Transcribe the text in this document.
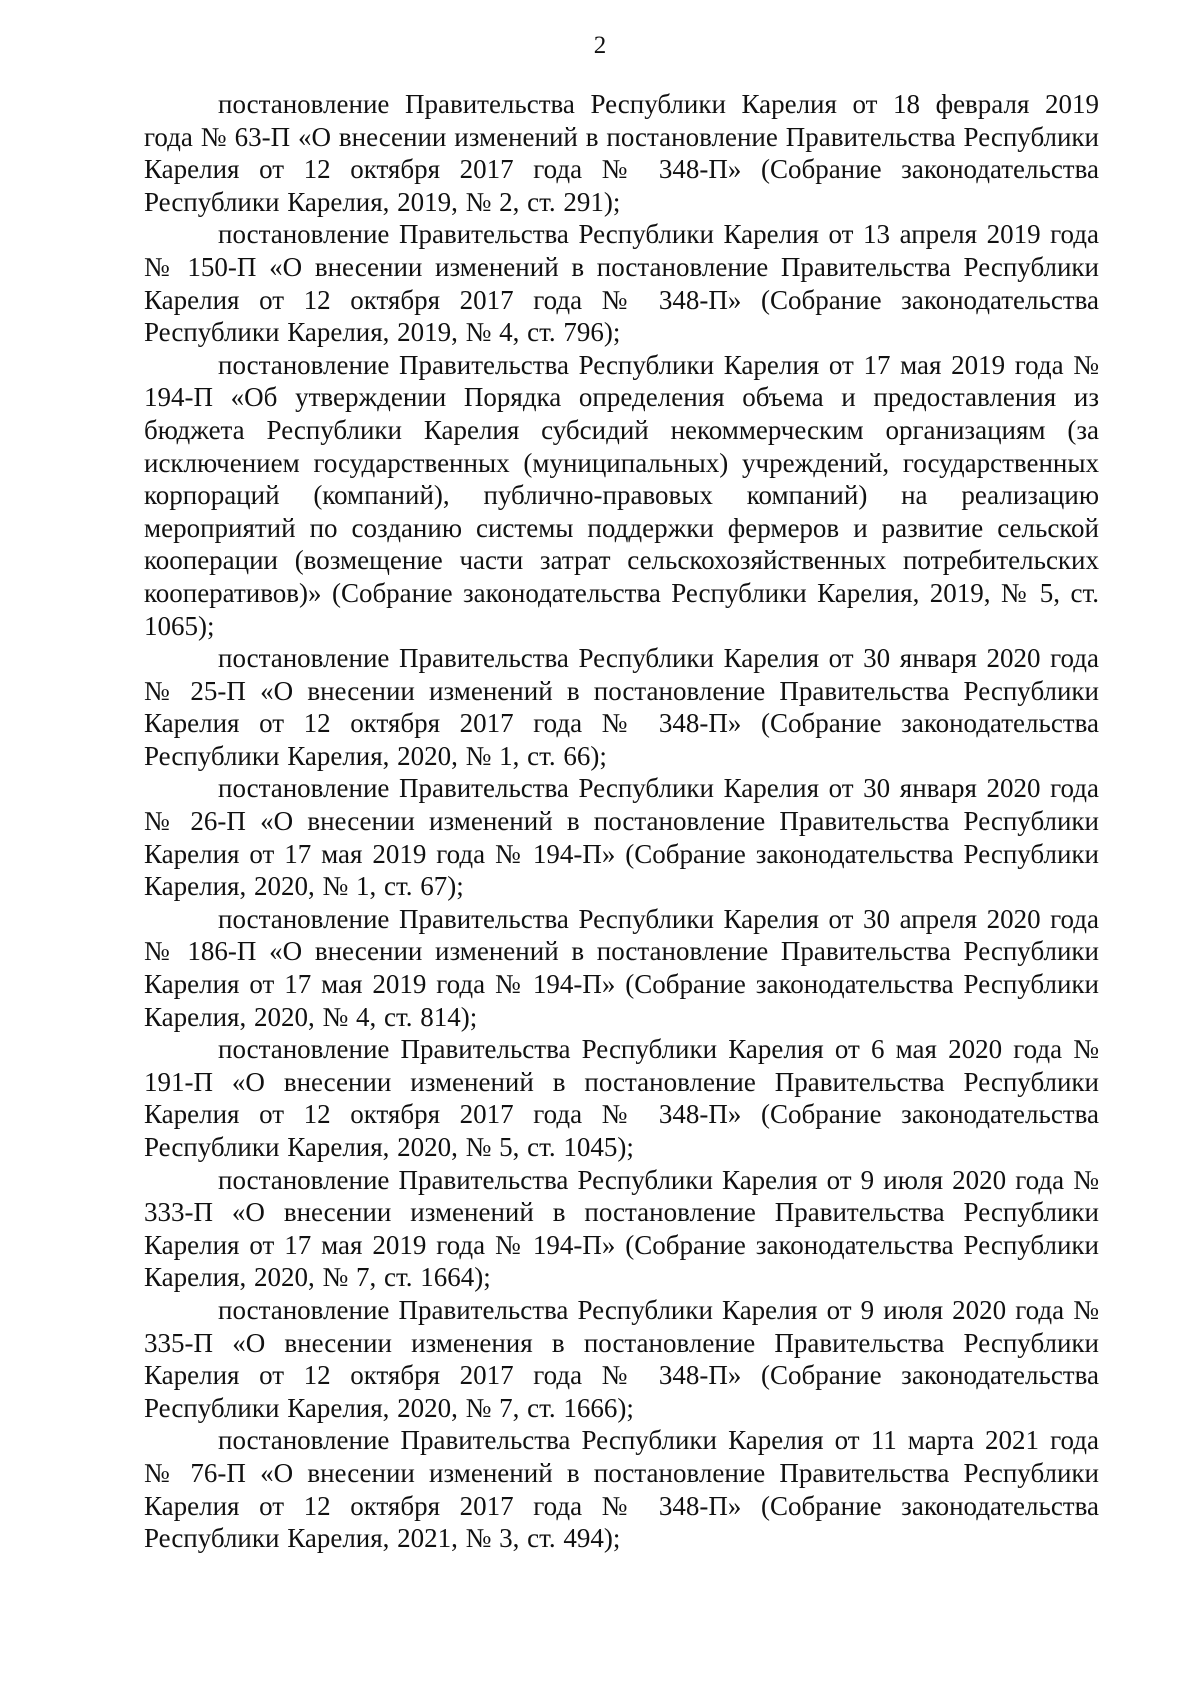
2

постановление Правительства Республики Карелия от 18 февраля 2019 года № 63-П «О внесении изменений в постановление Правительства Республики Карелия от 12 октября 2017 года № 348-П» (Собрание законодательства Республики Карелия, 2019, № 2, ст. 291);

постановление Правительства Республики Карелия от 13 апреля 2019 года № 150-П «О внесении изменений в постановление Правительства Республики Карелия от 12 октября 2017 года № 348-П» (Собрание законодательства Республики Карелия, 2019, № 4, ст. 796);

постановление Правительства Республики Карелия от 17 мая 2019 года № 194-П «Об утверждении Порядка определения объема и предоставления из бюджета Республики Карелия субсидий некоммерческим организациям (за исключением государственных (муниципальных) учреждений, государственных корпораций (компаний), публично-правовых компаний) на реализацию мероприятий по созданию системы поддержки фермеров и развитие сельской кооперации (возмещение части затрат сельскохозяйственных потребительских кооперативов)» (Собрание законодательства Республики Карелия, 2019, № 5, ст. 1065);

постановление Правительства Республики Карелия от 30 января 2020 года № 25-П «О внесении изменений в постановление Правительства Республики Карелия от 12 октября 2017 года № 348-П» (Собрание законодательства Республики Карелия, 2020, № 1, ст. 66);

постановление Правительства Республики Карелия от 30 января 2020 года № 26-П «О внесении изменений в постановление Правительства Республики Карелия от 17 мая 2019 года № 194-П» (Собрание законодательства Республики Карелия, 2020, № 1, ст. 67);

постановление Правительства Республики Карелия от 30 апреля 2020 года № 186-П «О внесении изменений в постановление Правительства Республики Карелия от 17 мая 2019 года № 194-П» (Собрание законодательства Республики Карелия, 2020, № 4, ст. 814);

постановление Правительства Республики Карелия от 6 мая 2020 года № 191-П «О внесении изменений в постановление Правительства Республики Карелия от 12 октября 2017 года № 348-П» (Собрание законодательства Республики Карелия, 2020, № 5, ст. 1045);

постановление Правительства Республики Карелия от 9 июля 2020 года № 333-П «О внесении изменений в постановление Правительства Республики Карелия от 17 мая 2019 года № 194-П» (Собрание законодательства Республики Карелия, 2020, № 7, ст. 1664);

постановление Правительства Республики Карелия от 9 июля 2020 года № 335-П «О внесении изменения в постановление Правительства Республики Карелия от 12 октября 2017 года № 348-П» (Собрание законодательства Республики Карелия, 2020, № 7, ст. 1666);

постановление Правительства Республики Карелия от 11 марта 2021 года № 76-П «О внесении изменений в постановление Правительства Республики Карелия от 12 октября 2017 года № 348-П» (Собрание законодательства Республики Карелия, 2021, № 3, ст. 494);
